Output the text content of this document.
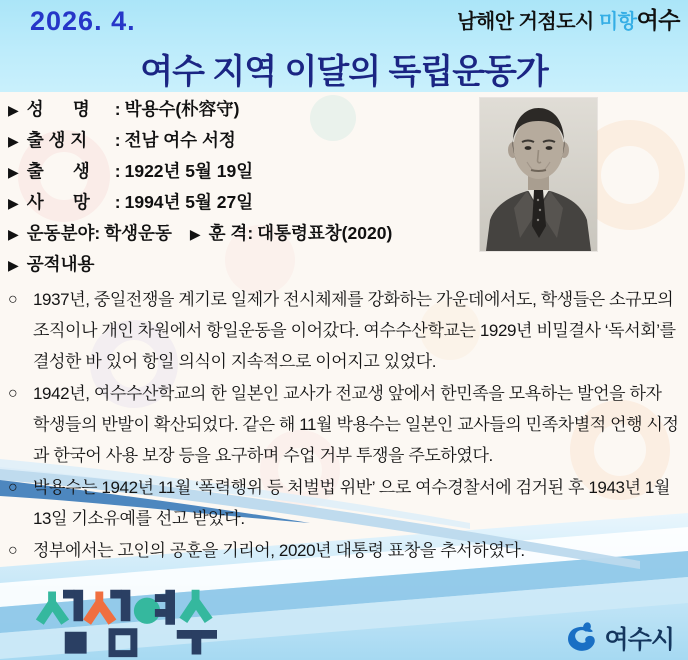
2026. 4.	남해안 거점도시 미항여수
여수 지역 이달의 독립운동가
▶ 성      명	: 박용수(朴容守)
▶ 출 생 지	: 전남 여수 서정
▶ 출      생	: 1922년 5월 19일
▶ 사      망	: 1994년 5월 27일
▶ 운동분야 : 학생운동 ▶ 훈 격 : 대통령표창(2020)
▶ 공적내용
○ 1937년, 중일전쟁을 계기로 일제가 전시체제를 강화하는 가운데에서도, 학생들은 소규모의 조직이나 개인 차원에서 항일운동을 이어갔다. 여수수산학교는 1929년 비밀결사 ‘독서회’를 결성한 바 있어 항일 의식이 지속적으로 이어지고 있었다.
○ 1942년, 여수수산학교의 한 일본인 교사가 전교생 앞에서 한민족을 모욕하는 발언을 하자 학생들의 반발이 확산되었다. 같은 해 11월 박용수는 일본인 교사들의 민족차별적 언행 시정과 한국어 사용 보장 등을 요구하며 수업 거부 투쟁을 주도하였다.
○ 박용수는 1942년 11월 ‘폭력행위 등 처벌법 위반’ 으로 여수경찰서에 검거된 후 1943년 1월 13일 기소유예를 선고 받았다.
○ 정부에서는 고인의 공훈을 기리어, 2020년 대통령 표창을 추서하였다.
여수시
